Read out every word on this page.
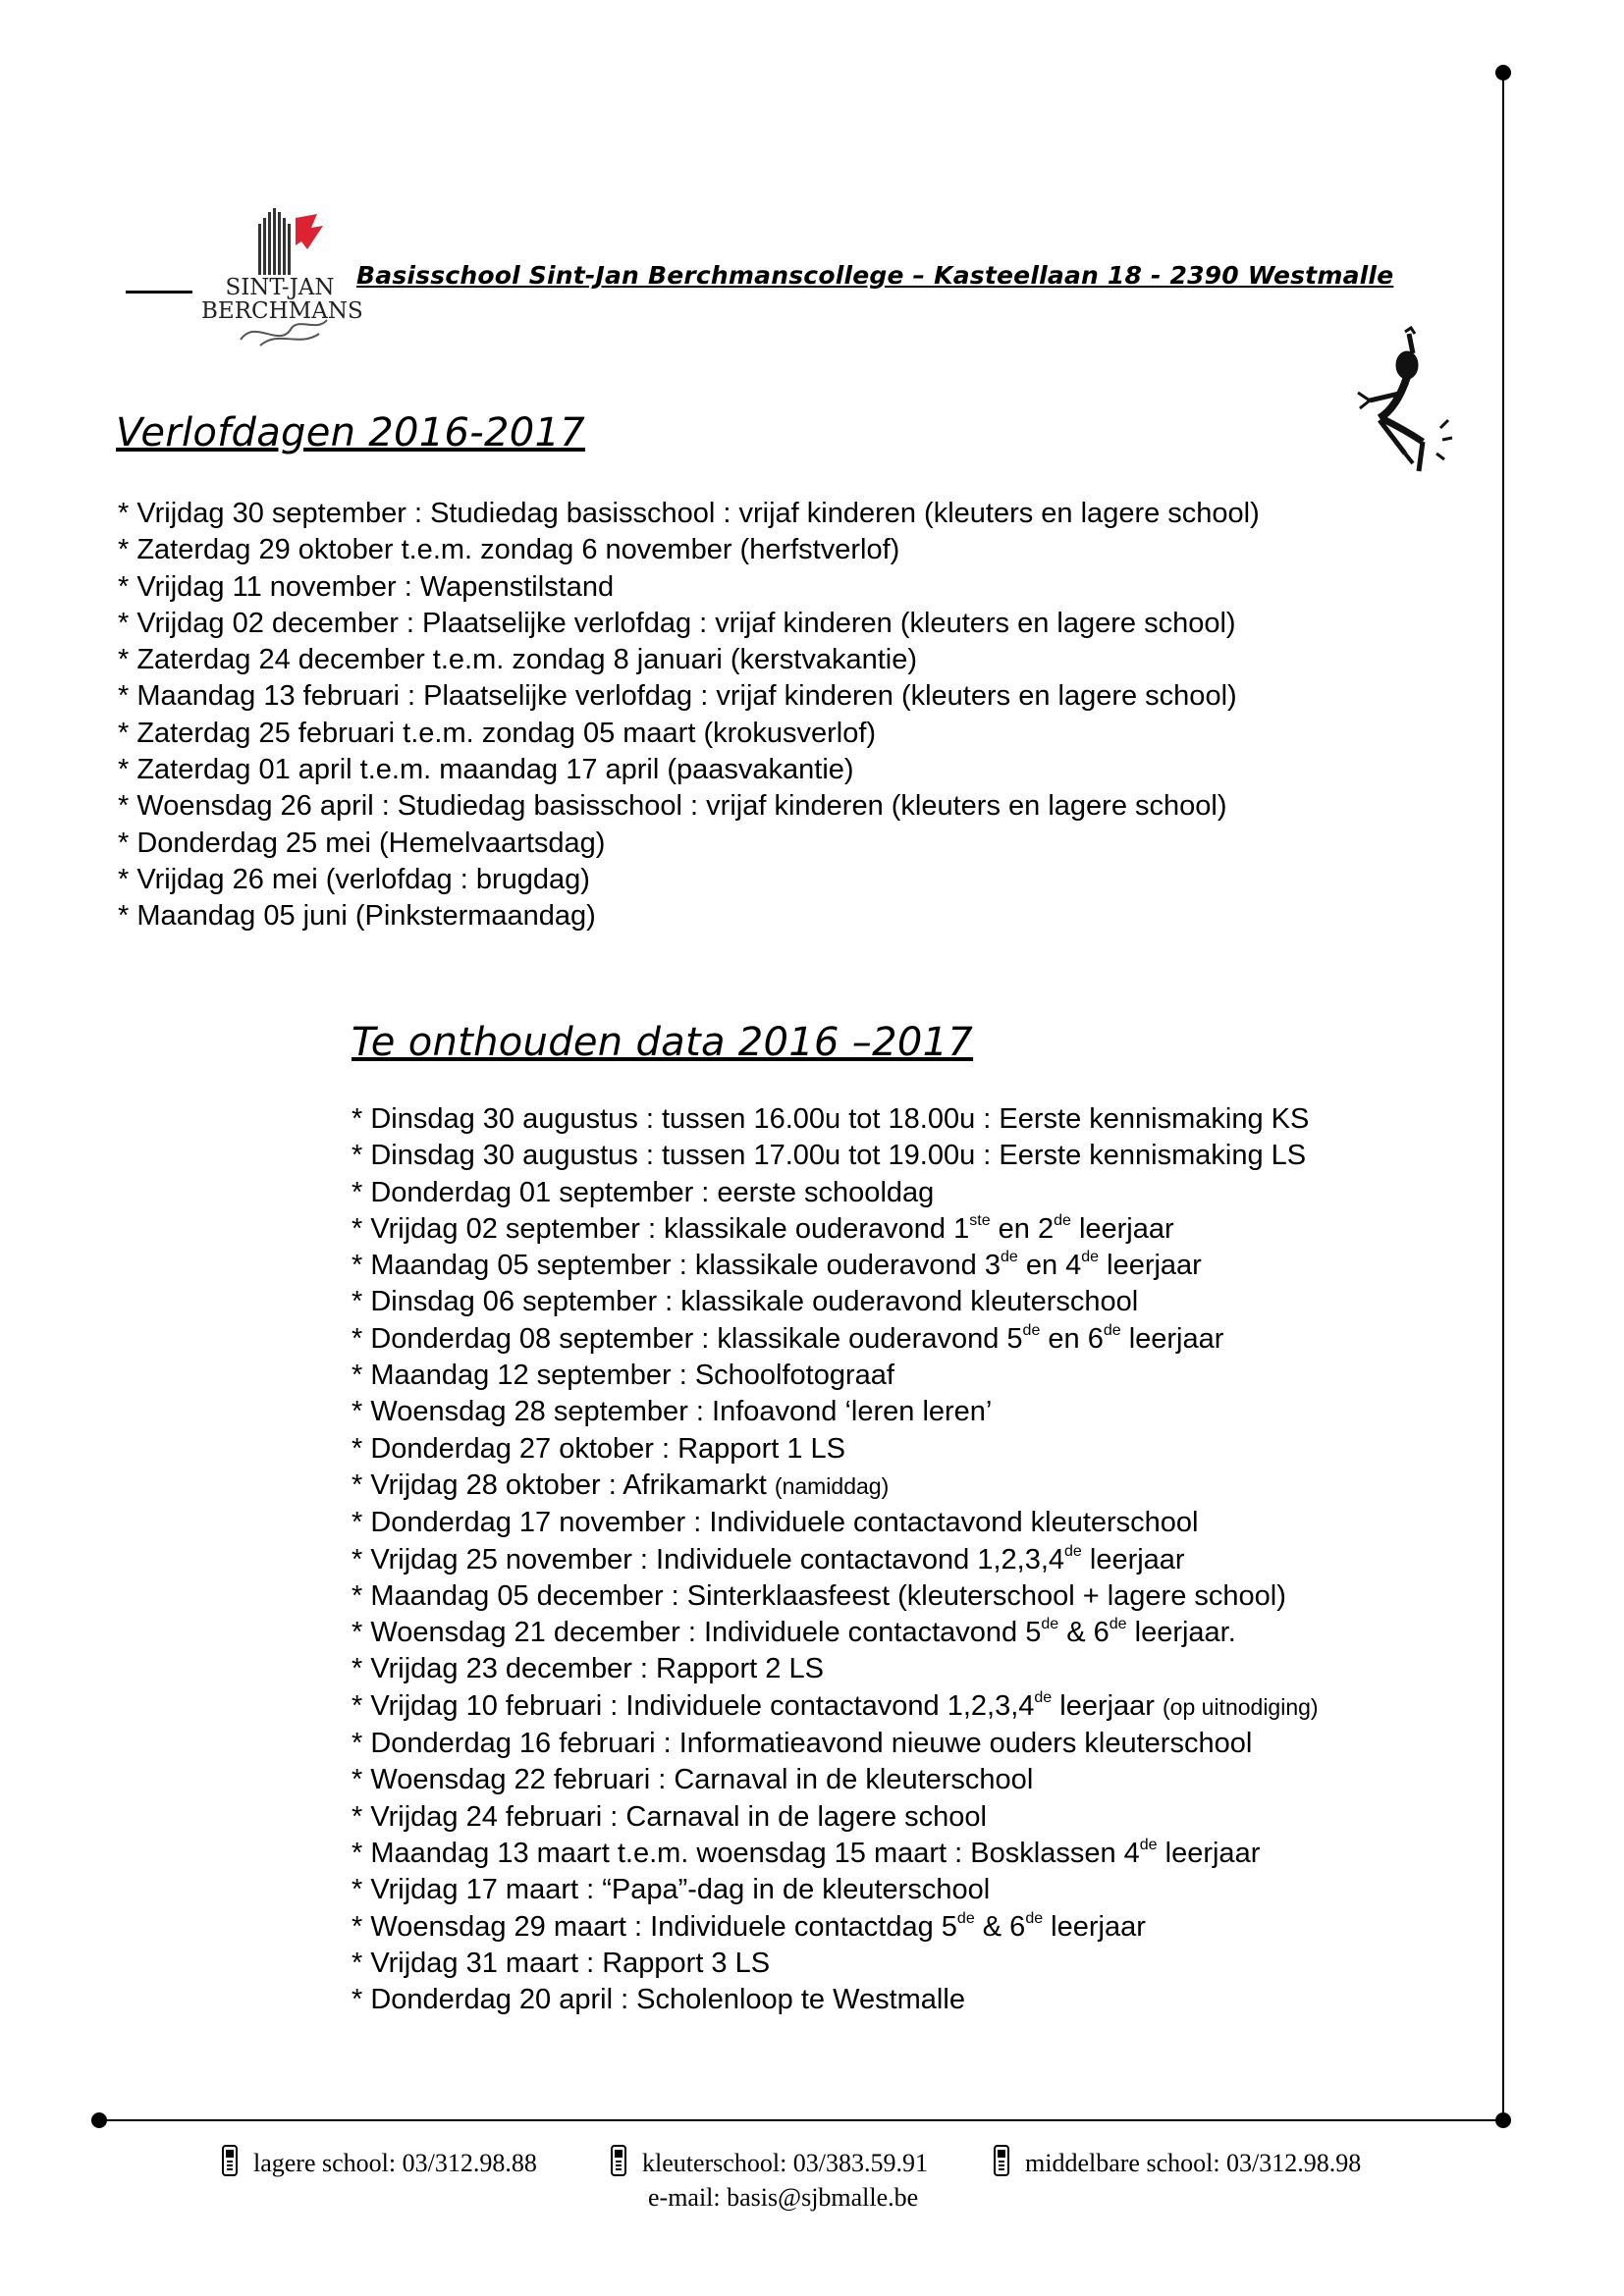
SINT-JAN
BERCHMANS
Basisschool Sint-Jan Berchmanscollege – Kasteellaan 18 - 2390 Westmalle
Verlofdagen 2016-2017
* Vrijdag 30 september : Studiedag basisschool : vrijaf kinderen (kleuters en lagere school)
* Zaterdag 29 oktober t.e.m. zondag 6 november (herfstverlof)
* Vrijdag 11 november : Wapenstilstand
* Vrijdag 02 december : Plaatselijke verlofdag : vrijaf kinderen (kleuters en lagere school)
* Zaterdag 24 december t.e.m. zondag 8 januari (kerstvakantie)
* Maandag 13 februari : Plaatselijke verlofdag : vrijaf kinderen (kleuters en lagere school)
* Zaterdag 25 februari t.e.m. zondag 05 maart (krokusverlof)
* Zaterdag 01 april t.e.m. maandag 17 april (paasvakantie)
* Woensdag 26 april : Studiedag basisschool : vrijaf kinderen (kleuters en lagere school)
* Donderdag 25 mei (Hemelvaartsdag)
* Vrijdag 26 mei (verlofdag : brugdag)
* Maandag 05 juni (Pinkstermaandag)
Te onthouden data 2016 –2017
* Dinsdag 30 augustus : tussen 16.00u tot 18.00u : Eerste kennismaking KS
* Dinsdag 30 augustus : tussen 17.00u tot 19.00u : Eerste kennismaking LS
* Donderdag 01 september : eerste schooldag
* Vrijdag 02 september : klassikale ouderavond 1ste en 2de leerjaar
* Maandag 05 september : klassikale ouderavond 3de en 4de leerjaar
* Dinsdag 06 september : klassikale ouderavond kleuterschool
* Donderdag 08 september : klassikale ouderavond 5de en 6de leerjaar
* Maandag 12 september : Schoolfotograaf
* Woensdag 28 september : Infoavond ‘leren leren’
* Donderdag 27 oktober : Rapport 1 LS
* Vrijdag 28 oktober : Afrikamarkt (namiddag)
* Donderdag 17 november : Individuele contactavond kleuterschool
* Vrijdag 25 november : Individuele contactavond 1,2,3,4de leerjaar
* Maandag 05 december : Sinterklaasfeest (kleuterschool + lagere school)
* Woensdag 21 december : Individuele contactavond 5de & 6de leerjaar.
* Vrijdag 23 december : Rapport 2 LS
* Vrijdag 10 februari : Individuele contactavond 1,2,3,4de leerjaar (op uitnodiging)
* Donderdag 16 februari : Informatieavond nieuwe ouders kleuterschool
* Woensdag 22 februari : Carnaval in de kleuterschool
* Vrijdag 24 februari : Carnaval in de lagere school
* Maandag 13 maart t.e.m. woensdag 15 maart : Bosklassen 4de leerjaar
* Vrijdag 17 maart : “Papa”-dag in de kleuterschool
* Woensdag 29 maart : Individuele contactdag 5de & 6de leerjaar
* Vrijdag 31 maart : Rapport 3 LS
* Donderdag 20 april : Scholenloop te Westmalle
lagere school: 03/312.98.88	kleuterschool: 03/383.59.91	middelbare school: 03/312.98.98
e-mail: basis@sjbmalle.be
